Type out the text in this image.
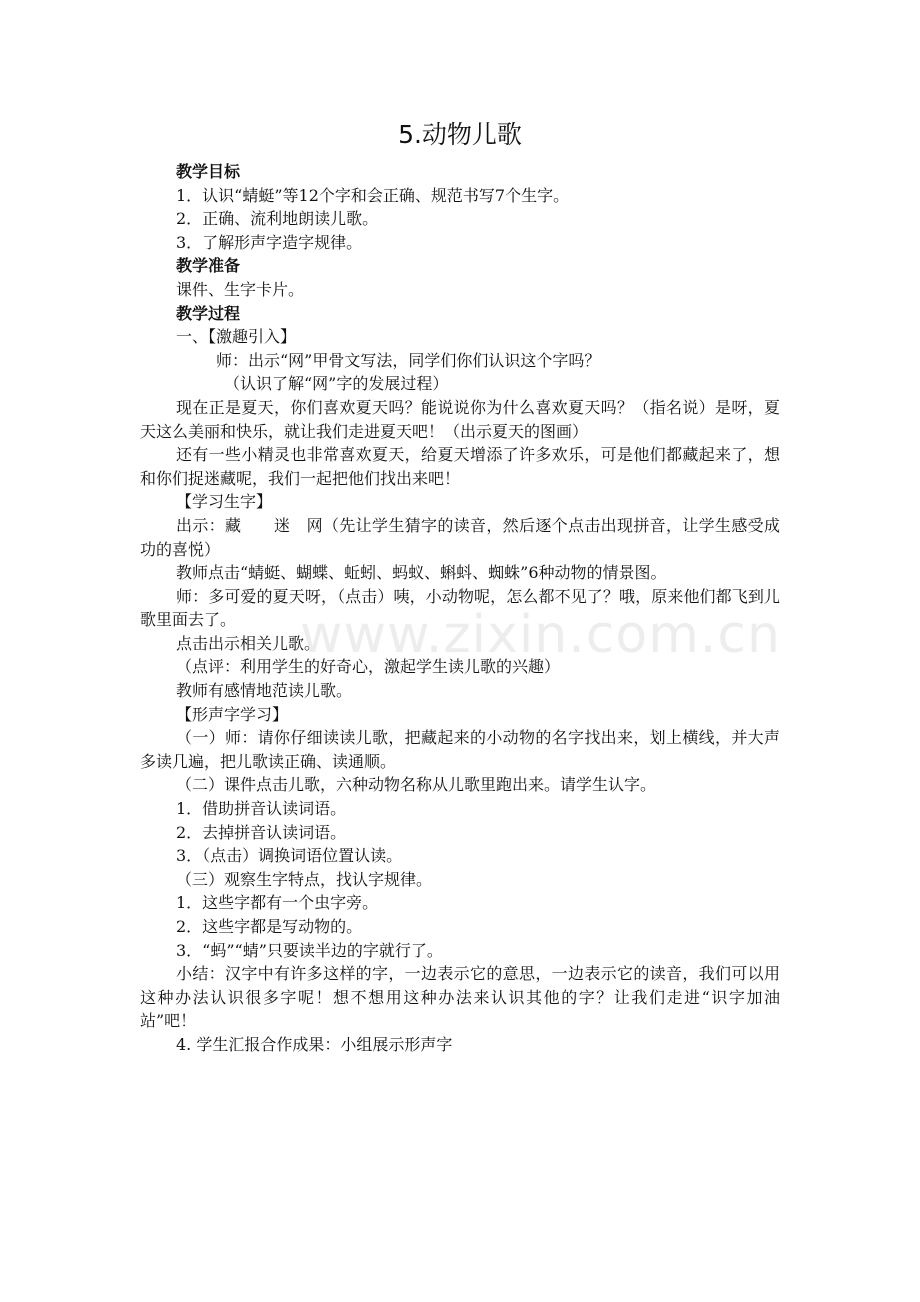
5.动物儿歌

教学目标

1．认识“蜻蜓”等12个字和会正确、规范书写7个生字。

2．正确、流利地朗读儿歌。

3．了解形声字造字规律。

教学准备

课件、生字卡片。

教学过程

一、【激趣引入】

师：出示“网”甲骨文写法，同学们你们认识这个字吗？

（认识了解“网”字的发展过程）

现在正是夏天，你们喜欢夏天吗？能说说你为什么喜欢夏天吗？（指名说）是呀，夏天这么美丽和快乐，就让我们走进夏天吧！（出示夏天的图画）

还有一些小精灵也非常喜欢夏天，给夏天增添了许多欢乐，可是他们都藏起来了，想和你们捉迷藏呢，我们一起把他们找出来吧！

【学习生字】

出示：藏　　迷　网（先让学生猜字的读音，然后逐个点击出现拼音，让学生感受成功的喜悦）

教师点击“蜻蜓、蝴蝶、蚯蚓、蚂蚁、蝌蚪、蜘蛛”6种动物的情景图。

师：多可爱的夏天呀，（点击）咦，小动物呢，怎么都不见了？哦，原来他们都飞到儿歌里面去了。

点击出示相关儿歌。

（点评：利用学生的好奇心，激起学生读儿歌的兴趣）

教师有感情地范读儿歌。

【形声字学习】

（一）师：请你仔细读读儿歌，把藏起来的小动物的名字找出来，划上横线，并大声多读几遍，把儿歌读正确、读通顺。

（二）课件点击儿歌，六种动物名称从儿歌里跑出来。请学生认字。

1．借助拼音认读词语。

2．去掉拼音认读词语。

3．（点击）调换词语位置认读。

（三）观察生字特点，找认字规律。

1．这些字都有一个虫字旁。

2．这些字都是写动物的。

3．“蚂”“蜻”只要读半边的字就行了。

小结：汉字中有许多这样的字，一边表示它的意思，一边表示它的读音，我们可以用这种办法认识很多字呢！想不想用这种办法来认识其他的字？让我们走进“识字加油站”吧！

4. 学生汇报合作成果：小组展示形声字

www.zixin.com.cn
